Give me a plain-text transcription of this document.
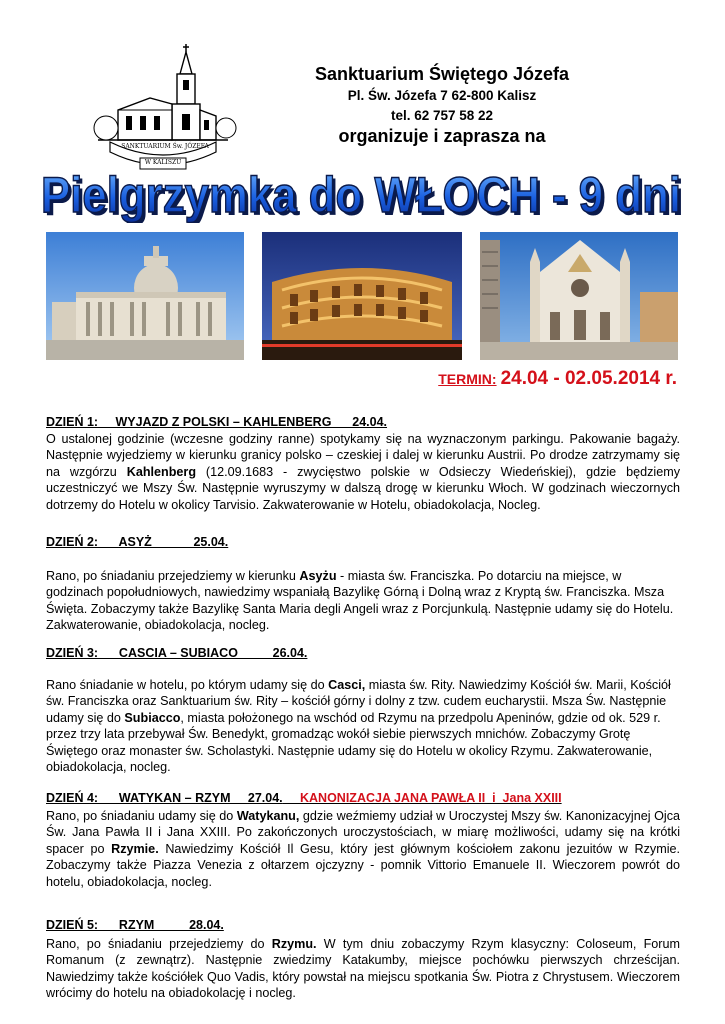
SANKTUARIUM Św. JÓZEFA
W KALISZU
Sanktuarium Świętego Józefa
Pl. Św. Józefa 7 62-800 Kalisz
tel. 62 757 58 22
organizuje i zaprasza na
Pielgrzymka do WŁOCH - 9 dni
Pielgrzymka do WŁOCH - 9 dni
TERMIN: 24.04 - 02.05.2014 r.
DZIEŃ 1:     WYJAZD Z POLSKI – KAHLENBERG      24.04.
O ustalonej godzinie (wczesne godziny ranne) spotykamy się na wyznaczonym parkingu. Pakowanie bagaży. Następnie wyjedziemy w kierunku granicy polsko – czeskiej i dalej w kierunku Austrii. Po drodze zatrzymamy się na wzgórzu Kahlenberg (12.09.1683 - zwycięstwo polskie w Odsieczy Wiedeńskiej), gdzie będziemy uczestniczyć we Mszy Św. Następnie wyruszymy w dalszą drogę w kierunku Włoch. W godzinach wieczornych dotrzemy do Hotelu w okolicy Tarvisio. Zakwaterowanie w Hotelu, obiadokolacja, Nocleg.
DZIEŃ 2:      ASYŻ            25.04.
Rano, po śniadaniu przejedziemy w kierunku Asyżu - miasta św. Franciszka. Po dotarciu na miejsce, w godzinach popołudniowych, nawiedzimy wspaniałą Bazylikę Górną i Dolną wraz z Kryptą św. Franciszka. Msza Święta. Zobaczymy także Bazylikę Santa Maria degli Angeli wraz z Porcjunkulą. Następnie udamy się do Hotelu. Zakwaterowanie, obiadokolacja, nocleg.
DZIEŃ 3:      CASCIA – SUBIACO          26.04.
Rano śniadanie w hotelu, po którym udamy się do Casci, miasta św. Rity. Nawiedzimy Kościół św. Marii, Kościół św. Franciszka oraz Sanktuarium św. Rity – kościół górny i dolny z tzw. cudem eucharystii. Msza Św. Następnie udamy się do Subiacco, miasta położonego na wschód od Rzymu na przedpolu Apeninów, gdzie od ok. 529 r. przez trzy lata przebywał Św. Benedykt, gromadząc wokół siebie pierwszych mnichów. Zobaczymy Grotę Świętego oraz monaster św. Scholastyki. Następnie udamy się do Hotelu w okolicy Rzymu. Zakwaterowanie, obiadokolacja, nocleg.
DZIEŃ 4:      WATYKAN – RZYM     27.04. KANONIZACJA JANA PAWŁA II  i  Jana XXIII
Rano, po śniadaniu udamy się do Watykanu, gdzie weźmiemy udział w Uroczystej Mszy św. Kanonizacyjnej Ojca Św. Jana Pawła II i Jana XXIII. Po zakończonych uroczystościach, w miarę możliwości, udamy się na krótki spacer po Rzymie. Nawiedzimy Kościół Il Gesu, który jest głównym kościołem zakonu jezuitów w Rzymie. Zobaczymy także Piazza Venezia z ołtarzem ojczyzny - pomnik Vittorio Emanuele II. Wieczorem powrót do hotelu, obiadokolacja, nocleg.
DZIEŃ 5:      RZYM          28.04.
Rano, po śniadaniu przejedziemy do Rzymu. W tym dniu zobaczymy Rzym klasyczny: Coloseum, Forum Romanum (z zewnątrz). Następnie zwiedzimy Katakumby, miejsce pochówku pierwszych chrześcijan. Nawiedzimy także kościółek Quo Vadis, który powstał na miejscu spotkania Św. Piotra z Chrystusem. Wieczorem wrócimy do hotelu na obiadokolację i nocleg.
